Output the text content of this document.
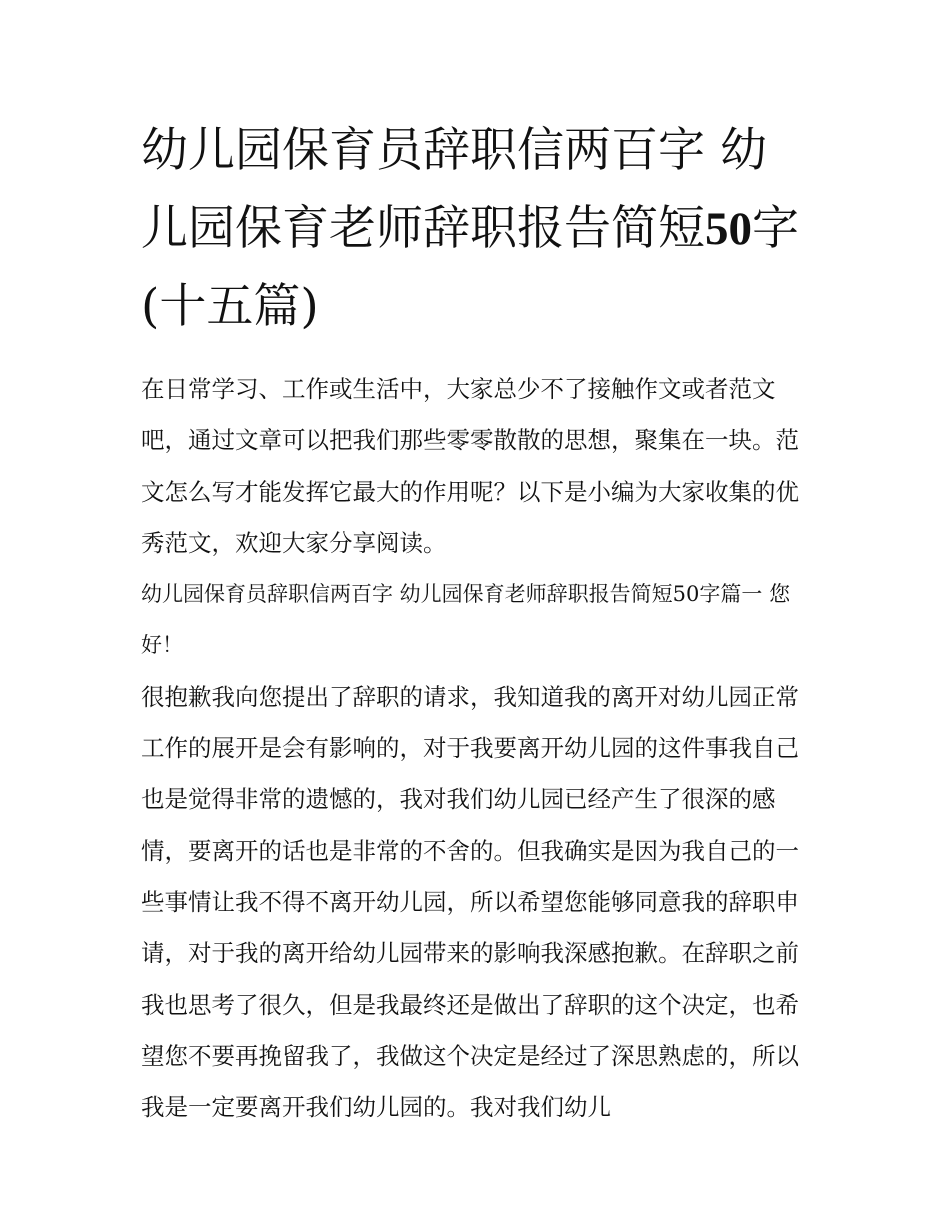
幼儿园保育员辞职信两百字 幼儿园保育老师辞职报告简短50字(十五篇)

在日常学习、工作或生活中，大家总少不了接触作文或者范文吧，通过文章可以把我们那些零零散散的思想，聚集在一块。范文怎么写才能发挥它最大的作用呢？以下是小编为大家收集的优秀范文，欢迎大家分享阅读。

幼儿园保育员辞职信两百字 幼儿园保育老师辞职报告简短50字篇一 您好！

很抱歉我向您提出了辞职的请求，我知道我的离开对幼儿园正常工作的展开是会有影响的，对于我要离开幼儿园的这件事我自己也是觉得非常的遗憾的，我对我们幼儿园已经产生了很深的感情，要离开的话也是非常的不舍的。但我确实是因为我自己的一些事情让我不得不离开幼儿园，所以希望您能够同意我的辞职申请，对于我的离开给幼儿园带来的影响我深感抱歉。在辞职之前我也思考了很久，但是我最终还是做出了辞职的这个决定，也希望您不要再挽留我了，我做这个决定是经过了深思熟虑的，所以我是一定要离开我们幼儿园的。我对我们幼儿
